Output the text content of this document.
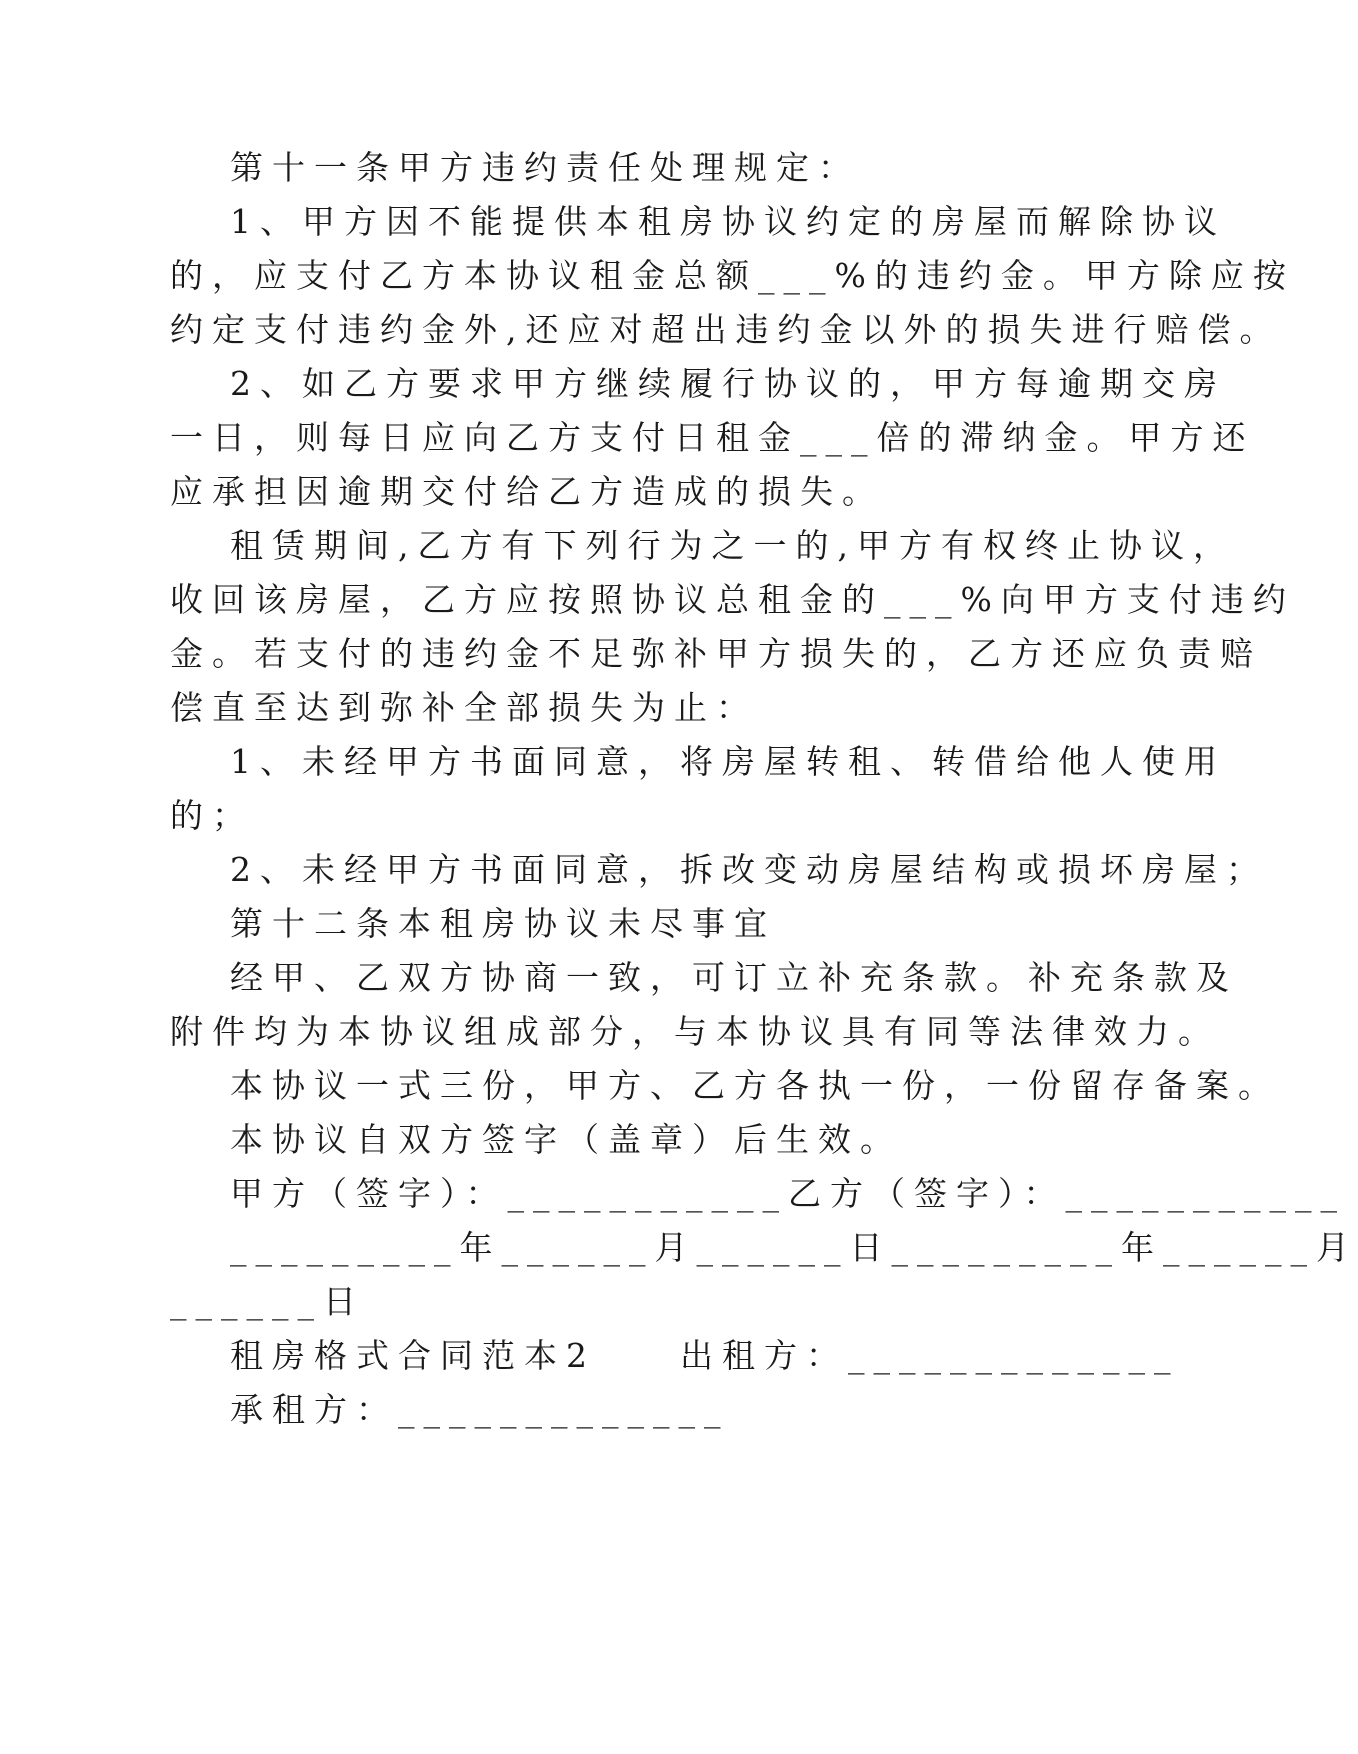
第十一条甲方违约责任处理规定：
1、甲方因不能提供本租房协议约定的房屋而解除协议
的，应支付乙方本协议租金总额___%的违约金。甲方除应按
约定支付违约金外,还应对超出违约金以外的损失进行赔偿。
2、如乙方要求甲方继续履行协议的，甲方每逾期交房
一日，则每日应向乙方支付日租金___倍的滞纳金。甲方还
应承担因逾期交付给乙方造成的损失。
租赁期间,乙方有下列行为之一的,甲方有权终止协议，
收回该房屋，乙方应按照协议总租金的___%向甲方支付违约
金。若支付的违约金不足弥补甲方损失的，乙方还应负责赔
偿直至达到弥补全部损失为止：
1、未经甲方书面同意，将房屋转租、转借给他人使用
的；
2、未经甲方书面同意，拆改变动房屋结构或损坏房屋；
第十二条本租房协议未尽事宜
经甲、乙双方协商一致，可订立补充条款。补充条款及
附件均为本协议组成部分，与本协议具有同等法律效力。
本协议一式三份，甲方、乙方各执一份，一份留存备案。
本协议自双方签字（盖章）后生效。
甲方（签字）：___________乙方（签字）：___________
_________年______月______日_________年______月
______日
租房格式合同范本2　　出租方：_____________
承租方：_____________
